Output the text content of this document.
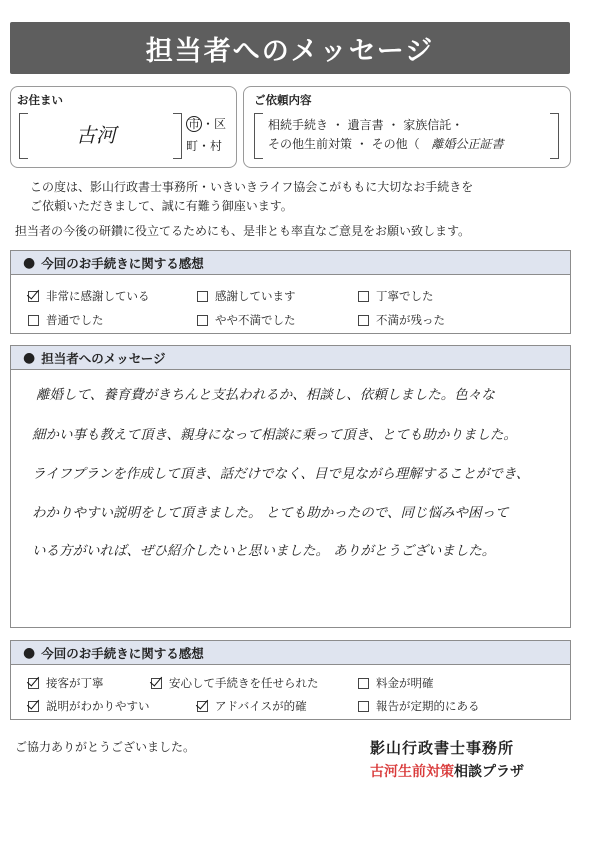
担当者へのメッセージ
お住まい
古河	市 ・区
町・村
ご依頼内容
相続手続き ・ 遺言書 ・ 家族信託・
その他生前対策 ・ その他（ 離婚公正証書
この度は、影山行政書士事務所・いきいきライフ協会こがももに大切なお手続きを
ご依頼いただきまして、誠に有難う御座います。
担当者の今後の研鑽に役立てるためにも、是非とも率直なご意見をお願い致します。
● 今回のお手続きに関する感想
非常に感謝している	感謝しています	丁寧でした
普通でした	やや不満でした	不満が残った
● 担当者へのメッセージ
離婚して、養育費がきちんと支払われるか、相談し、依頼しました。色々な
細かい事も教えて頂き、親身になって相談に乗って頂き、とても助かりました。
ライフプランを作成して頂き、話だけでなく、目で見ながら理解することができ、
わかりやすい説明をして頂きました。 とても助かったので、同じ悩みや困って
いる方がいれば、ぜひ紹介したいと思いました。 ありがとうございました。
● 今回のお手続きに関する感想
接客が丁寧	安心して手続きを任せられた	料金が明確
説明がわかりやすい	アドバイスが的確	報告が定期的にある
ご協力ありがとうございました。	影山行政書士事務所
古河生前対策相談プラザ
